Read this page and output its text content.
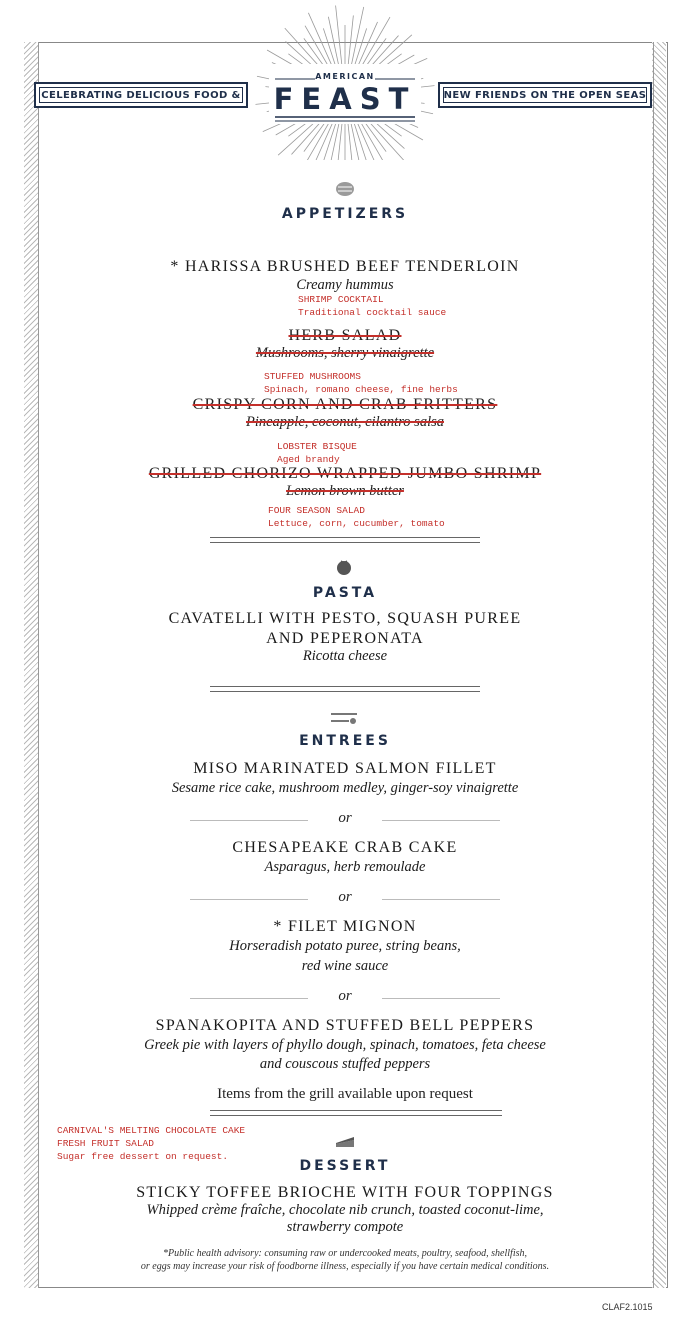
CELEBRATING DELICIOUS FOOD &	NEW FRIENDS ON THE OPEN SEAS
AMERICAN
FEAST
APPETIZERS
* HARISSA BRUSHED BEEF TENDERLOIN
Creamy hummus
SHRIMP COCKTAIL
Traditional cocktail sauce
HERB SALAD
Mushrooms, sherry vinaigrette
STUFFED MUSHROOMS
Spinach, romano cheese, fine herbs
CRISPY CORN AND CRAB FRITTERS
Pineapple, coconut, cilantro salsa
LOBSTER BISQUE
Aged brandy
GRILLED CHORIZO WRAPPED JUMBO SHRIMP
Lemon brown butter
FOUR SEASON SALAD
Lettuce, corn, cucumber, tomato
PASTA
CAVATELLI WITH PESTO, SQUASH PUREE
AND PEPERONATA
Ricotta cheese
ENTREES
MISO MARINATED SALMON FILLET
Sesame rice cake, mushroom medley, ginger-soy vinaigrette
or
CHESAPEAKE CRAB CAKE
Asparagus, herb remoulade
or
* FILET MIGNON
Horseradish potato puree, string beans,
red wine sauce
or
SPANAKOPITA AND STUFFED BELL PEPPERS
Greek pie with layers of phyllo dough, spinach, tomatoes, feta cheese
and couscous stuffed peppers
Items from the grill available upon request
CARNIVAL'S MELTING CHOCOLATE CAKE
FRESH FRUIT SALAD
Sugar free dessert on request.
DESSERT
STICKY TOFFEE BRIOCHE WITH FOUR TOPPINGS
Whipped crème fraîche, chocolate nib crunch, toasted coconut-lime,
strawberry compote
*Public health advisory: consuming raw or undercooked meats, poultry, seafood, shellfish,
or eggs may increase your risk of foodborne illness, especially if you have certain medical conditions.
CLAF2.1015
